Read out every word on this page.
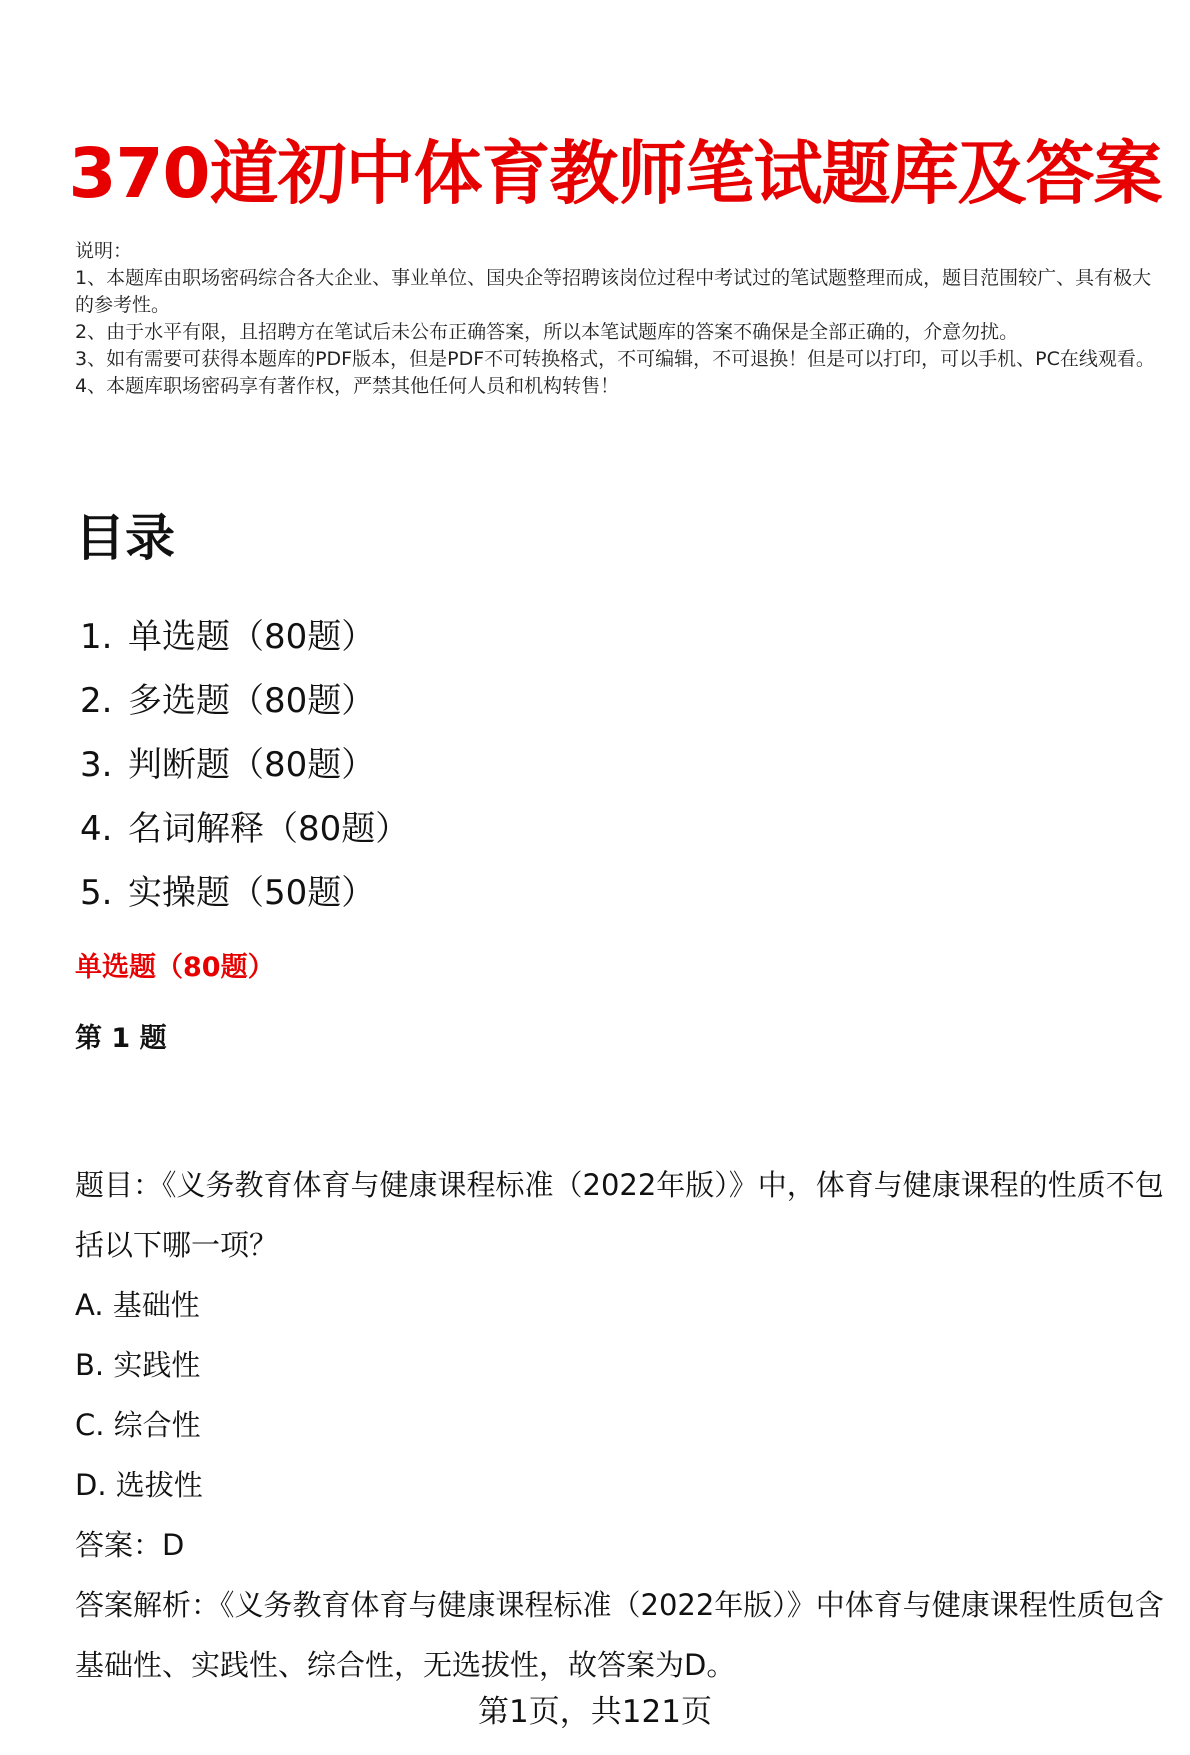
370道初中体育教师笔试题库及答案

说明：

1、本题库由职场密码综合各大企业、事业单位、国央企等招聘该岗位过程中考试过的笔试题整理而成，题目范围较广、具有极大的参考性。

2、由于水平有限，且招聘方在笔试后未公布正确答案，所以本笔试题库的答案不确保是全部正确的，介意勿扰。

3、如有需要可获得本题库的PDF版本，但是PDF不可转换格式，不可编辑，不可退换！但是可以打印，可以手机、PC在线观看。

4、本题库职场密码享有著作权，严禁其他任何人员和机构转售！

目录
1. 单选题（80题）
2. 多选题（80题）
3. 判断题（80题）
4. 名词解释（80题）
5. 实操题（50题）
单选题（80题）
第 1 题

题目：《义务教育体育与健康课程标准（2022年版）》中，体育与健康课程的性质不包括以下哪一项？

A. 基础性

B. 实践性

C. 综合性

D. 选拔性

答案：D

答案解析：《义务教育体育与健康课程标准（2022年版）》中体育与健康课程性质包含基础性、实践性、综合性，无选拔性，故答案为D。

第1页，共121页
